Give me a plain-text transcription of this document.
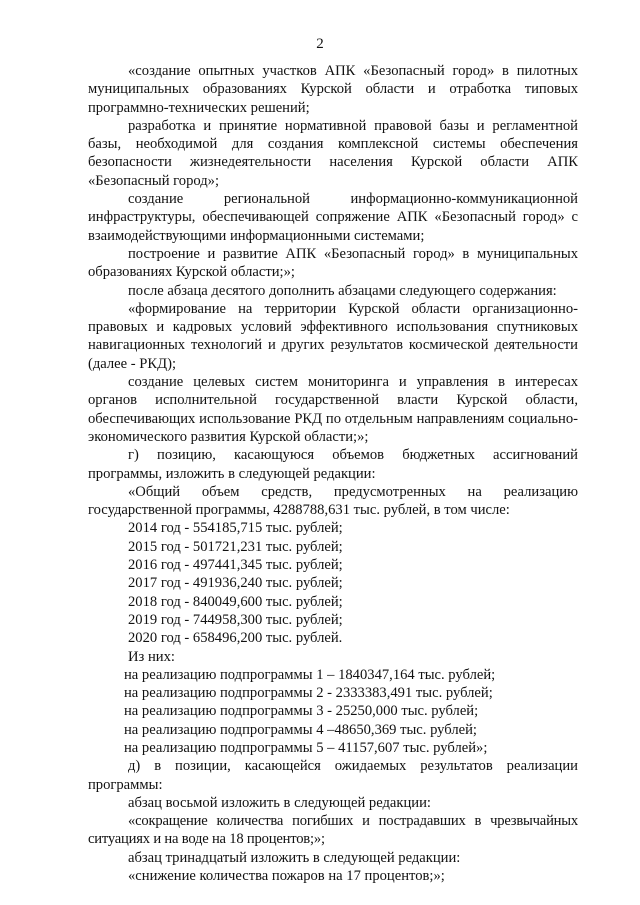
2

«создание опытных участков АПК «Безопасный город» в пилотных муниципальных образованиях Курской области и отработка типовых программно-технических решений;

разработка и принятие нормативной правовой базы и регламентной базы, необходимой для создания комплексной системы обеспечения безопасности жизнедеятельности населения Курской области АПК «Безопасный город»;

создание региональной информационно-коммуникационной инфраструктуры, обеспечивающей сопряжение АПК «Безопасный город» с взаимодействующими информационными системами;

построение и развитие АПК «Безопасный город» в муниципальных образованиях Курской области;»;

после абзаца десятого дополнить абзацами следующего содержания:

«формирование на территории Курской области организационно-правовых и кадровых условий эффективного использования спутниковых навигационных технологий и других результатов космической деятельности (далее - РКД);

создание целевых систем мониторинга и управления в интересах органов исполнительной государственной власти Курской области, обеспечивающих использование РКД по отдельным направлениям социально-экономического развития Курской области;»;

г) позицию, касающуюся объемов бюджетных ассигнований программы, изложить в следующей редакции:

«Общий объем средств, предусмотренных на реализацию государственной программы, 4288788,631 тыс. рублей, в том числе:

2014 год - 554185,715 тыс. рублей;
2015 год - 501721,231 тыс. рублей;
2016 год - 497441,345 тыс. рублей;
2017 год - 491936,240 тыс. рублей;
2018 год - 840049,600 тыс. рублей;
2019 год - 744958,300 тыс. рублей;
2020 год - 658496,200 тыс. рублей.
Из них:
на реализацию подпрограммы 1 – 1840347,164 тыс. рублей;
на реализацию подпрограммы 2 - 2333383,491 тыс. рублей;
на реализацию подпрограммы 3 - 25250,000 тыс. рублей;
на реализацию подпрограммы 4 –48650,369 тыс. рублей;
на реализацию подпрограммы 5 – 41157,607 тыс. рублей»;

д) в позиции, касающейся ожидаемых результатов реализации программы:

абзац восьмой изложить в следующей редакции:

«сокращение количества погибших и пострадавших в чрезвычайных ситуациях и на воде на 18 процентов;»;

абзац тринадцатый изложить в следующей редакции:

«снижение количества пожаров на 17 процентов;»;
